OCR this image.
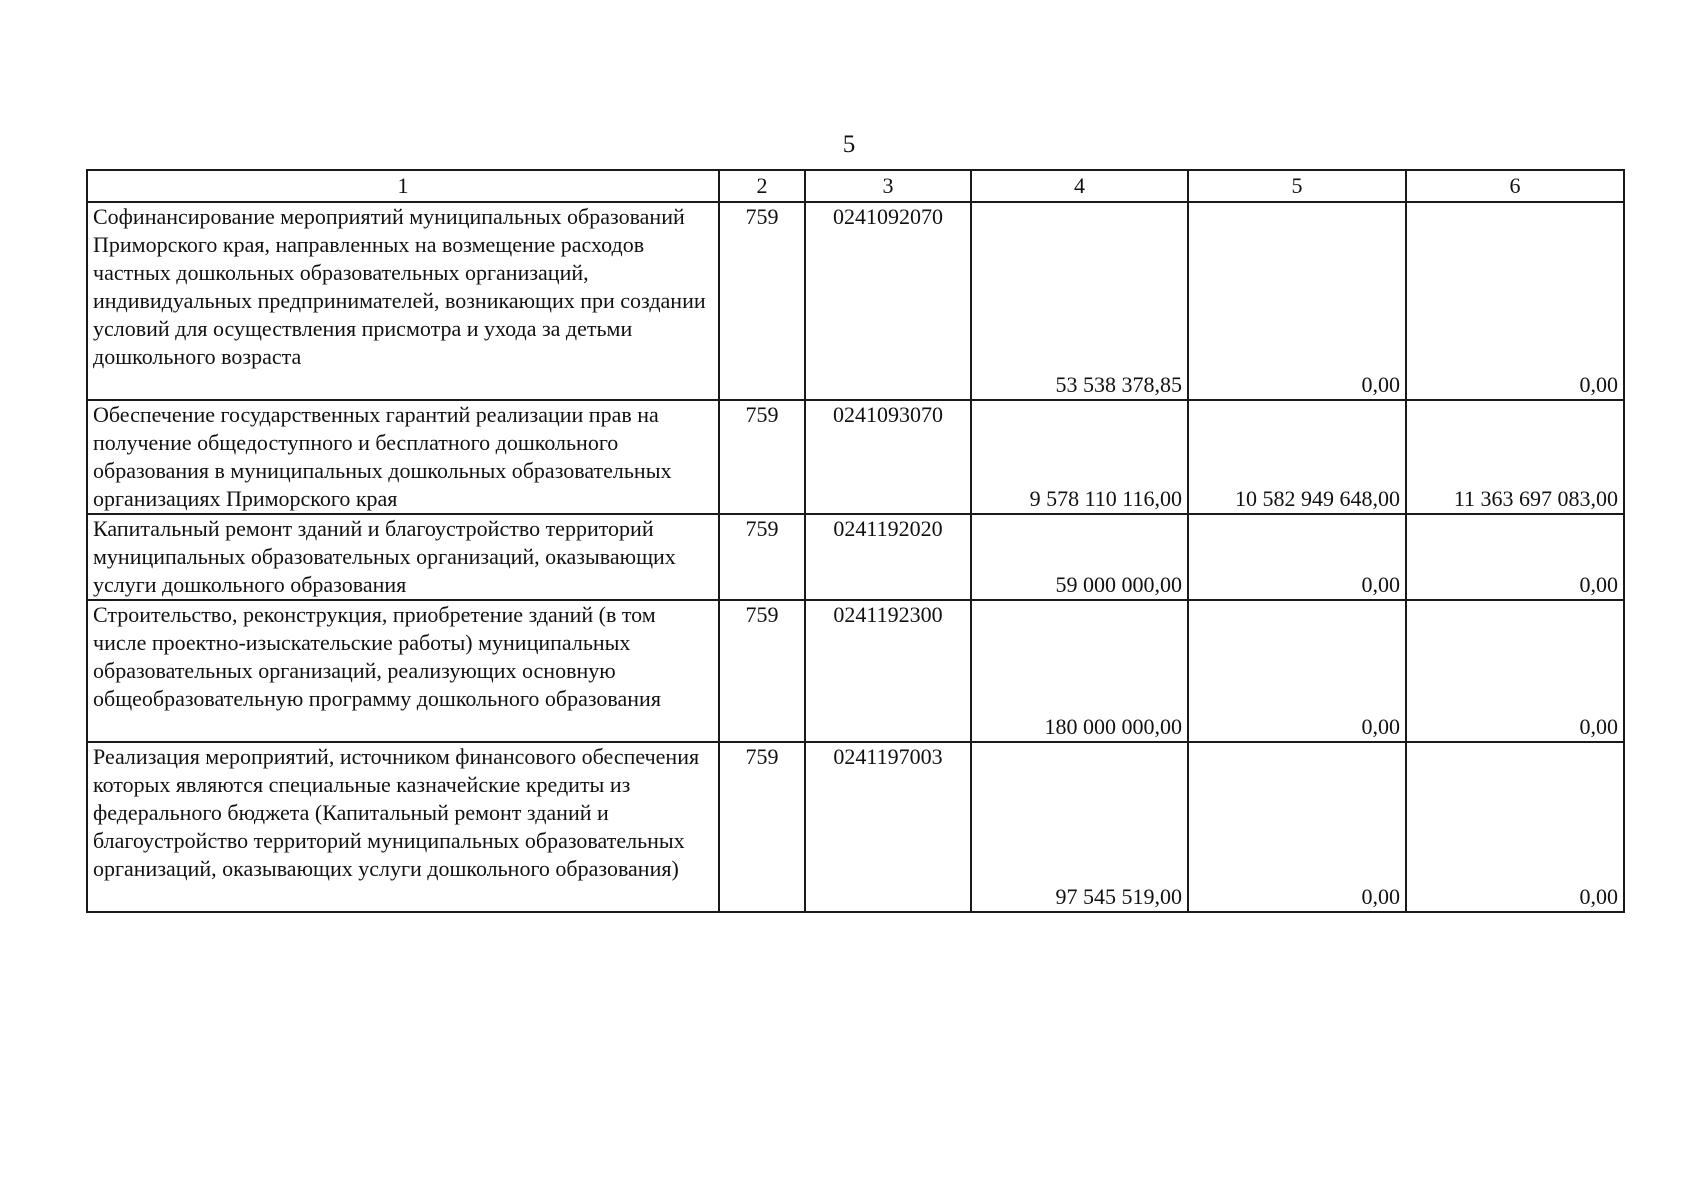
5
1	2	3	4	5	6
Софинансирование мероприятий муниципальных образований Приморского края, направленных на возмещение расходов частных дошкольных образовательных организаций, индивидуальных предпринимателей, возникающих при создании условий для осуществления присмотра и ухода за детьми дошкольного возраста	759	0241092070	53 538 378,85	0,00	0,00
Обеспечение государственных гарантий реализации прав на получение общедоступного и бесплатного дошкольного образования в муниципальных дошкольных образовательных организациях Приморского края	759	0241093070	9 578 110 116,00	10 582 949 648,00	11 363 697 083,00
Капитальный ремонт зданий и благоустройство территорий муниципальных образовательных организаций, оказывающих услуги дошкольного образования	759	0241192020	59 000 000,00	0,00	0,00
Строительство, реконструкция, приобретение зданий (в том числе проектно-изыскательские работы) муниципальных образовательных организаций, реализующих основную общеобразовательную программу дошкольного образования	759	0241192300	180 000 000,00	0,00	0,00
Реализация мероприятий, источником финансового обеспечения которых являются специальные казначейские кредиты из федерального бюджета (Капитальный ремонт зданий и благоустройство территорий муниципальных образовательных организаций, оказывающих услуги дошкольного образования)	759	0241197003	97 545 519,00	0,00	0,00
